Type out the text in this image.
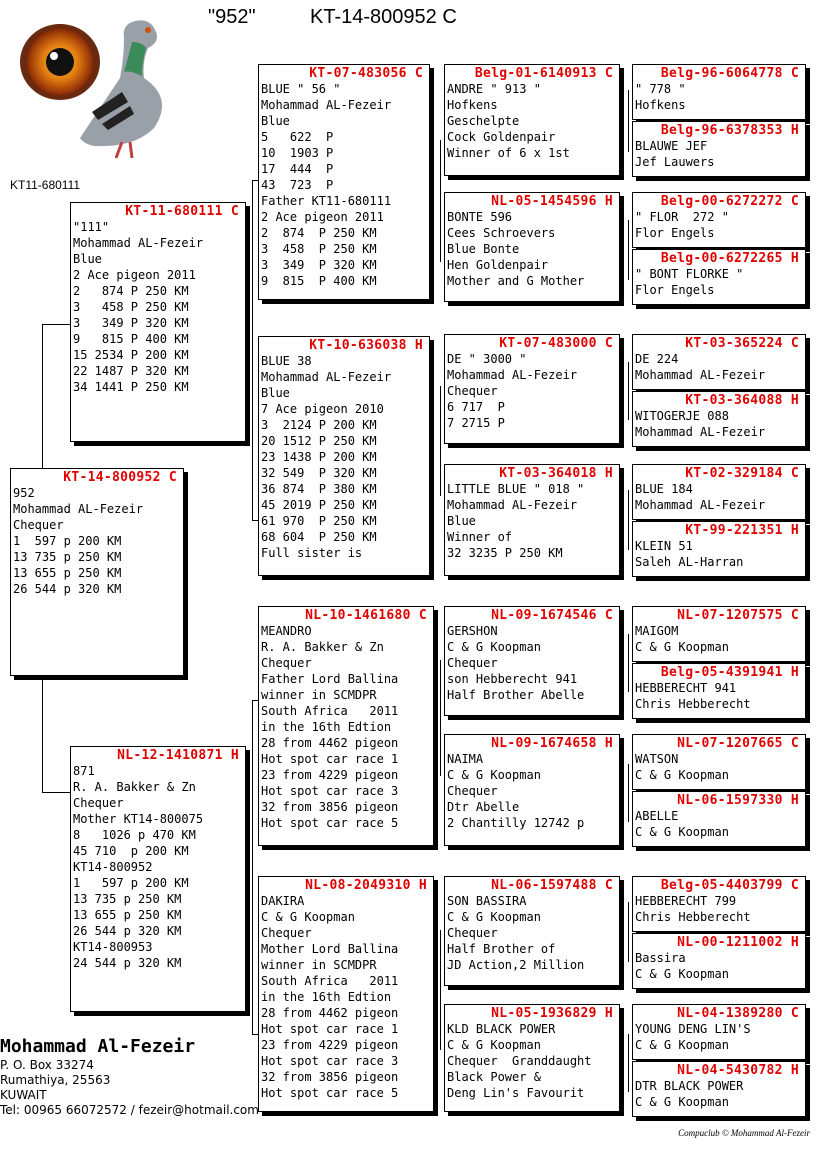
"952"	KT-14-800952 C
KT11-680111
KT-14-800952 C
952
Mohammad AL-Fezeir
Chequer
1  597 p 200 KM
13 735 p 250 KM
13 655 p 250 KM
26 544 p 320 KM
KT-11-680111 C
"111"
Mohammad AL-Fezeir
Blue
2 Ace pigeon 2011
2   874 P 250 KM
3   458 P 250 KM
3   349 P 320 KM
9   815 P 400 KM
15 2534 P 200 KM
22 1487 P 320 KM
34 1441 P 250 KM
NL-12-1410871 H
871
R. A. Bakker & Zn
Chequer
Mother KT14-800075
8   1026 p 470 KM
45 710  p 200 KM
KT14-800952
1   597 p 200 KM
13 735 p 250 KM
13 655 p 250 KM
26 544 p 320 KM
KT14-800953
24 544 p 320 KM
KT-07-483056 C
BLUE " 56 "
Mohammad AL-Fezeir
Blue
5   622  P
10  1903 P
17  444  P
43  723  P
Father KT11-680111
2 Ace pigeon 2011
2  874  P 250 KM
3  458  P 250 KM
3  349  P 320 KM
9  815  P 400 KM
KT-10-636038 H
BLUE 38
Mohammad AL-Fezeir
Blue
7 Ace pigeon 2010
3  2124 P 200 KM
20 1512 P 250 KM
23 1438 P 200 KM
32 549  P 320 KM
36 874  P 380 KM
45 2019 P 250 KM
61 970  P 250 KM
68 604  P 250 KM
Full sister is
NL-10-1461680 C
MEANDRO
R. A. Bakker & Zn
Chequer
Father Lord Ballina
winner in SCMDPR
South Africa   2011
in the 16th Edtion
28 from 4462 pigeon
Hot spot car race 1
23 from 4229 pigeon
Hot spot car race 3
32 from 3856 pigeon
Hot spot car race 5
NL-08-2049310 H
DAKIRA
C & G Koopman
Chequer
Mother Lord Ballina
winner in SCMDPR
South Africa   2011
in the 16th Edtion
28 from 4462 pigeon
Hot spot car race 1
23 from 4229 pigeon
Hot spot car race 3
32 from 3856 pigeon
Hot spot car race 5
Belg-01-6140913 C
ANDRE " 913 "
Hofkens
Geschelpte
Cock Goldenpair
Winner of 6 x 1st
NL-05-1454596 H
BONTE 596
Cees Schroevers
Blue Bonte
Hen Goldenpair
Mother and G Mother
KT-07-483000 C
DE " 3000 "
Mohammad AL-Fezeir
Chequer
6 717  P
7 2715 P
KT-03-364018 H
LITTLE BLUE " 018 "
Mohammad AL-Fezeir
Blue
Winner of
32 3235 P 250 KM
NL-09-1674546 C
GERSHON
C & G Koopman
Chequer
son Hebberecht 941
Half Brother Abelle
NL-09-1674658 H
NAIMA
C & G Koopman
Chequer
Dtr Abelle
2 Chantilly 12742 p
NL-06-1597488 C
SON BASSIRA
C & G Koopman
Chequer
Half Brother of
JD Action,2 Million
NL-05-1936829 H
KLD BLACK POWER
C & G Koopman
Chequer  Granddaught
Black Power &
Deng Lin's Favourit
Belg-96-6064778 C
" 778 "
Hofkens
Belg-96-6378353 H
BLAUWE JEF
Jef Lauwers
Belg-00-6272272 C
" FLOR  272 "
Flor Engels
Belg-00-6272265 H
" BONT FLORKE "
Flor Engels
KT-03-365224 C
DE 224
Mohammad AL-Fezeir
KT-03-364088 H
WITOGERJE 088
Mohammad AL-Fezeir
KT-02-329184 C
BLUE 184
Mohammad AL-Fezeir
KT-99-221351 H
KLEIN 51
Saleh AL-Harran
NL-07-1207575 C
MAIGOM
C & G Koopman
Belg-05-4391941 H
HEBBERECHT 941
Chris Hebberecht
NL-07-1207665 C
WATSON
C & G Koopman
NL-06-1597330 H
ABELLE
C & G Koopman
Belg-05-4403799 C
HEBBERECHT 799
Chris Hebberecht
NL-00-1211002 H
Bassira
C & G Koopman
NL-04-1389280 C
YOUNG DENG LIN'S
C & G Koopman
NL-04-5430782 H
DTR BLACK POWER
C & G Koopman
Mohammad Al-Fezeir
P. O. Box 33274
Rumathiya, 25563
KUWAIT
Tel: 00965 66072572 / fezeir@hotmail.com
Compuclub © Mohammad Al-Fezeir
